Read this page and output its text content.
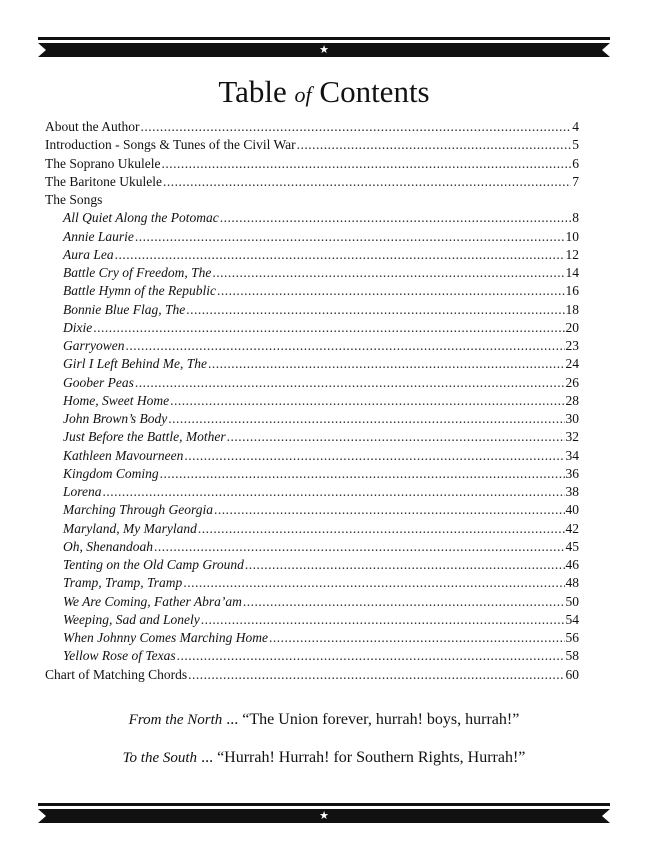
★
Table of Contents
About the Author .....	4
Introduction - Songs & Tunes of the Civil War .....	5
The Soprano Ukulele .....	6
The Baritone Ukulele .....	7
The Songs
All Quiet Along the Potomac .....	8
Annie Laurie .....	10
Aura Lea .....	12
Battle Cry of Freedom, The .....	14
Battle Hymn of the Republic .....	16
Bonnie Blue Flag, The .....	18
Dixie .....	20
Garryowen .....	23
Girl I Left Behind Me, The .....	24
Goober Peas .....	26
Home, Sweet Home .....	28
John Brown’s Body .....	30
Just Before the Battle, Mother .....	32
Kathleen Mavourneen .....	34
Kingdom Coming .....	36
Lorena .....	38
Marching Through Georgia .....	40
Maryland, My Maryland .....	42
Oh, Shenandoah .....	45
Tenting on the Old Camp Ground .....	46
Tramp, Tramp, Tramp .....	48
We Are Coming, Father Abra’am .....	50
Weeping, Sad and Lonely .....	54
When Johnny Comes Marching Home .....	56
Yellow Rose of Texas .....	58
Chart of Matching Chords .....	60
From the North ... “The Union forever, hurrah! boys, hurrah!”
To the South ... “Hurrah! Hurrah! for Southern Rights, Hurrah!”
★
